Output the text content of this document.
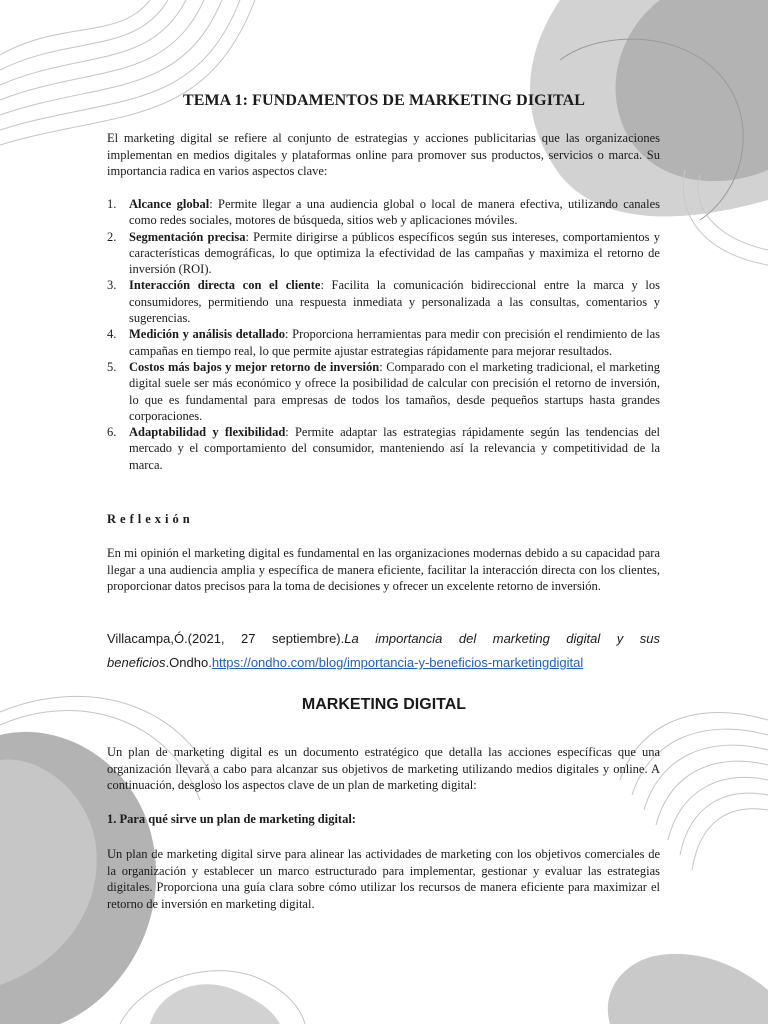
TEMA 1: FUNDAMENTOS DE MARKETING DIGITAL
El marketing digital se refiere al conjunto de estrategias y acciones publicitarias que las organizaciones implementan en medios digitales y plataformas online para promover sus productos, servicios o marca. Su importancia radica en varios aspectos clave:
1. Alcance global: Permite llegar a una audiencia global o local de manera efectiva, utilizando canales como redes sociales, motores de búsqueda, sitios web y aplicaciones móviles.
2. Segmentación precisa: Permite dirigirse a públicos específicos según sus intereses, comportamientos y características demográficas, lo que optimiza la efectividad de las campañas y maximiza el retorno de inversión (ROI).
3. Interacción directa con el cliente: Facilita la comunicación bidireccional entre la marca y los consumidores, permitiendo una respuesta inmediata y personalizada a las consultas, comentarios y sugerencias.
4. Medición y análisis detallado: Proporciona herramientas para medir con precisión el rendimiento de las campañas en tiempo real, lo que permite ajustar estrategias rápidamente para mejorar resultados.
5. Costos más bajos y mejor retorno de inversión: Comparado con el marketing tradicional, el marketing digital suele ser más económico y ofrece la posibilidad de calcular con precisión el retorno de inversión, lo que es fundamental para empresas de todos los tamaños, desde pequeños startups hasta grandes corporaciones.
6. Adaptabilidad y flexibilidad: Permite adaptar las estrategias rápidamente según las tendencias del mercado y el comportamiento del consumidor, manteniendo así la relevancia y competitividad de la marca.
Reflexión
En mi opinión el marketing digital es fundamental en las organizaciones modernas debido a su capacidad para llegar a una audiencia amplia y específica de manera eficiente, facilitar la interacción directa con los clientes, proporcionar datos precisos para la toma de decisiones y ofrecer un excelente retorno de inversión.
Villacampa,Ó.(2021, 27 septiembre).La importancia del marketing digital y sus beneficios.Ondho.https://ondho.com/blog/importancia-y-beneficios-marketingdigital
MARKETING DIGITAL
Un plan de marketing digital es un documento estratégico que detalla las acciones específicas que una organización llevará a cabo para alcanzar sus objetivos de marketing utilizando medios digitales y online. A continuación, desgloso los aspectos clave de un plan de marketing digital:
1. Para qué sirve un plan de marketing digital:
Un plan de marketing digital sirve para alinear las actividades de marketing con los objetivos comerciales de la organización y establecer un marco estructurado para implementar, gestionar y evaluar las estrategias digitales. Proporciona una guía clara sobre cómo utilizar los recursos de manera eficiente para maximizar el retorno de inversión en marketing digital.
